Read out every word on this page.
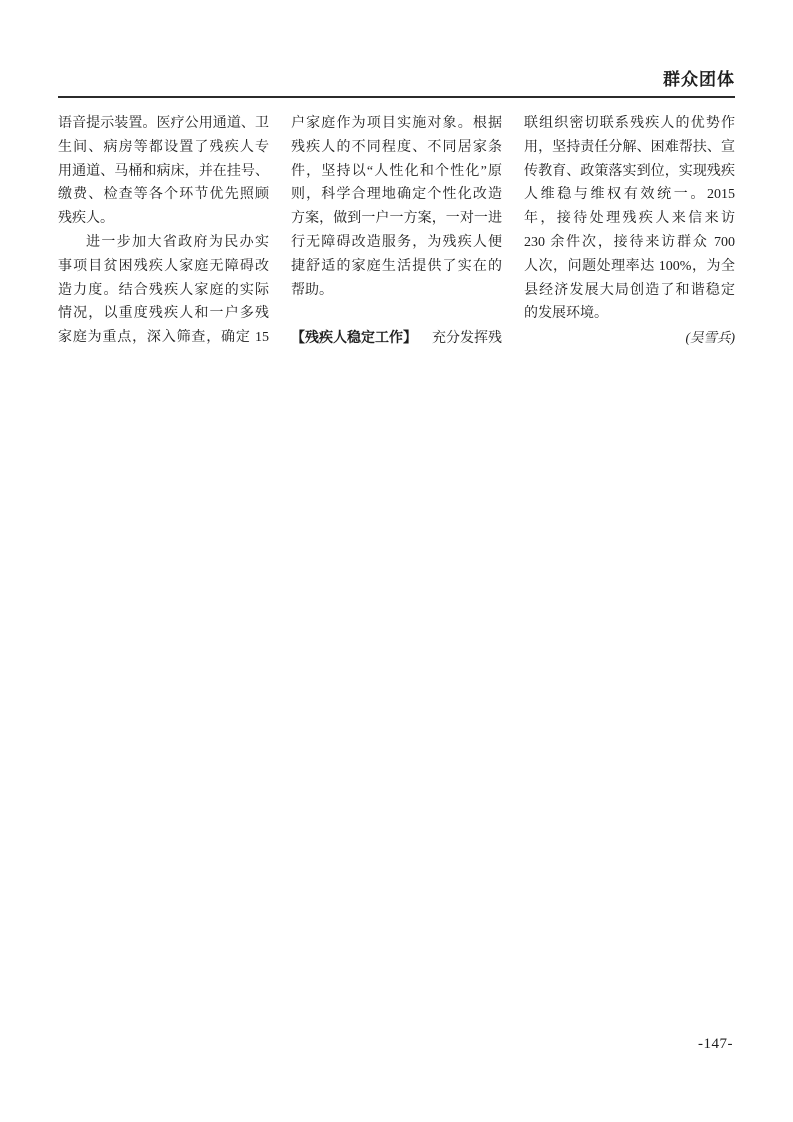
群众团体
语音提示装置。医疗公用通道、卫
生间、病房等都设置了残疾人专
用通道、马桶和病床，并在挂号、
缴费、检查等各个环节优先照顾
残疾人。
进一步加大省政府为民办实
事项目贫困残疾人家庭无障碍改
造力度。结合残疾人家庭的实际
情况，以重度残疾人和一户多残
家庭为重点，深入筛查，确定 15
户家庭作为项目实施对象。根据
残疾人的不同程度、不同居家条
件，坚持以“人性化和个性化”原
则，科学合理地确定个性化改造
方案，做到一户一方案，一对一进
行无障碍改造服务，为残疾人便
捷舒适的家庭生活提供了实在的
帮助。
【残疾人稳定工作】 充分发挥残
联组织密切联系残疾人的优势作
用，坚持责任分解、困难帮扶、宣
传教育、政策落实到位，实现残疾
人维稳与维权有效统一。2015
年，接待处理残疾人来信来访
230 余件次，接待来访群众 700
人次，问题处理率达 100%，为全
县经济发展大局创造了和谐稳定
的发展环境。
(吴雪兵)
-147-
